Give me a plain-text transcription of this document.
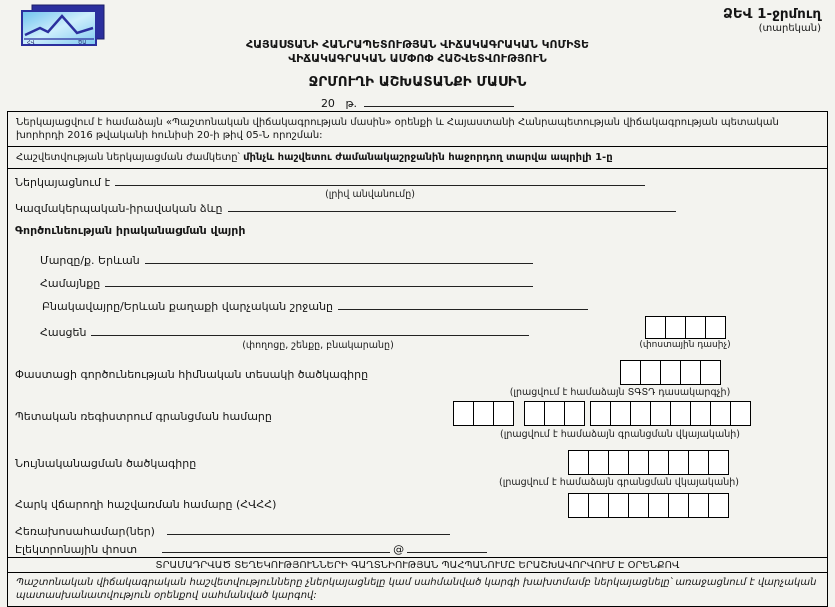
ՀՎ	ԾԱ
ՁԵՎ 1-ջրմուղ
(տարեկան)
ՀԱՅԱՍՏԱՆԻ ՀԱՆՐԱՊԵՏՈՒԹՅԱՆ ՎԻՃԱԿԱԳՐԱԿԱՆ ԿՈՄԻՏԵ
ՎԻՃԱԿԱԳՐԱԿԱՆ ԱՄՓՈՓ ՀԱՇՎԵՏՎՈՒԹՅՈՒՆ
ՋՐՄՈՒՂԻ ԱՇԽԱՏԱՆՔԻ ՄԱՍԻՆ
20 թ.
Ներկայացվում է համաձայն «Պաշտոնական վիճակագրության մասին» օրենքի և Հայաստանի Հանրապետության վիճակագրության պետական խորհրդի 2016 թվականի հունիսի 20-ի թիվ 05-Ն որոշման:
Հաշվետվության ներկայացման ժամկետը՝ մինչև հաշվետու ժամանակաշրջանին հաջորդող տարվա ապրիլի 1-ը
Ներկայացնում է
(լրիվ անվանումը)
Կազմակերպական-իրավական ձևը
Գործունեության իրականացման վայրի
Մարզը/ք. Երևան
Համայնքը
Բնակավայրը/Երևան քաղաքի վարչական շրջանը
Հասցեն
(փողոցը, շենքը, բնակարանը)	(փոստային դասիչ)
Փաստացի գործունեության հիմնական տեսակի ծածկագիրը
(լրացվում է համաձայն ՏԳՏԴ դասակարգչի)
Պետական ռեգիստրում գրանցման համարը
(լրացվում է համաձայն գրանցման վկայականի)
Նույնականացման ծածկագիրը
(լրացվում է համաձայն գրանցման վկայականի)
Հարկ վճարողի հաշվառման համարը (ՀՎՀՀ)
Հեռախոսահամար(ներ)
Էլեկտրոնային փոստ	@
ՏՐԱՄԱԴՐՎԱԾ ՏԵՂԵԿՈՒԹՅՈՒՆՆԵՐԻ ԳԱՂՏՆԻՈՒԹՅԱՆ ՊԱՀՊԱՆՈՒՄԸ ԵՐԱՇԽԱՎՈՐՎՈՒՄ Է ՕՐԵՆՔՈՎ
Պաշտոնական վիճակագրական հաշվետվությունները չներկայացնելը կամ սահմանված կարգի խախտմամբ ներկայացնելը՝ առաջացնում է վարչական պատասխանատվություն օրենքով սահմանված կարգով:
